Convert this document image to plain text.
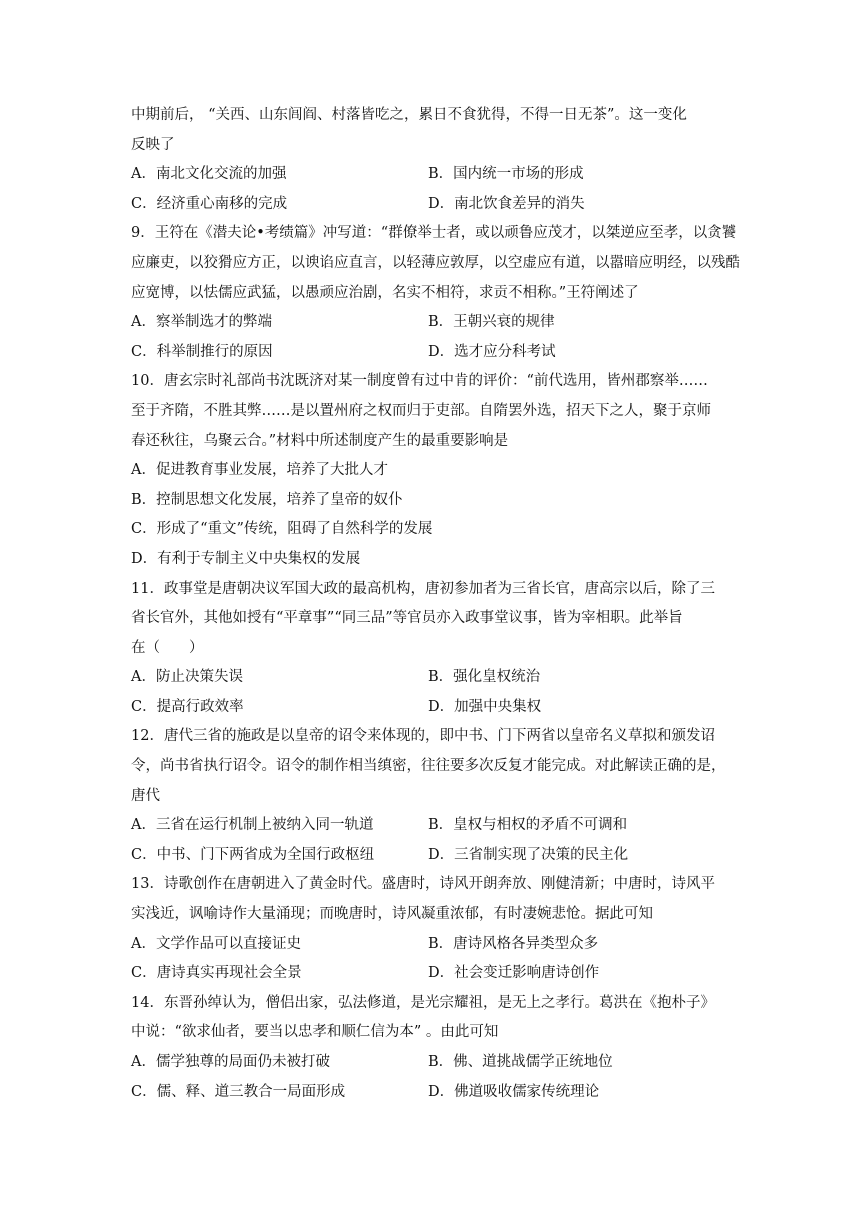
中期前后， “关西、山东闾阎、村落皆吃之，累日不食犹得，不得一日无茶”。这一变化
反映了
A．南北文化交流的加强	B．国内统一市场的形成
C．经济重心南移的完成	D．南北饮食差异的消失
9．王符在《潜夫论•考绩篇》冲写道：“群僚举士者，或以顽鲁应茂才，以桀逆应至孝，以贪饕
应廉吏，以狡猾应方正，以谀谄应直言，以轻薄应敦厚，以空虚应有道，以嚣暗应明经，以残酷
应宽博，以怯儒应武猛，以愚顽应治剧，名实不相符，求贡不相称。”王符阐述了
A．察举制选才的弊端	B．王朝兴衰的规律
C．科举制推行的原因	D．选才应分科考试
10．唐玄宗时礼部尚书沈既济对某一制度曾有过中肯的评价：“前代选用，皆州郡察举……
至于齐隋，不胜其弊……是以置州府之权而归于吏部。自隋罢外选，招天下之人，聚于京师
春还秋往，乌聚云合。”材料中所述制度产生的最重要影响是
A．促进教育事业发展，培养了大批人才
B．控制思想文化发展，培养了皇帝的奴仆
C．形成了“重文”传统，阻碍了自然科学的发展
D．有利于专制主义中央集权的发展
11．政事堂是唐朝决议军国大政的最高机构，唐初参加者为三省长官，唐高宗以后，除了三
省长官外，其他如授有“平章事”“同三品”等官员亦入政事堂议事，皆为宰相职。此举旨
在（　　）
A．防止决策失误	B．强化皇权统治
C．提高行政效率	D．加强中央集权
12．唐代三省的施政是以皇帝的诏令来体现的，即中书、门下两省以皇帝名义草拟和颁发诏
令，尚书省执行诏令。诏令的制作相当缜密，往往要多次反复才能完成。对此解读正确的是，
唐代
A．三省在运行机制上被纳入同一轨道	B．皇权与相权的矛盾不可调和
C．中书、门下两省成为全国行政枢纽	D．三省制实现了决策的民主化
13．诗歌创作在唐朝进入了黄金时代。盛唐时，诗风开朗奔放、刚健清新；中唐时，诗风平
实浅近，讽喻诗作大量涌现；而晚唐时，诗风凝重浓郁，有时凄婉悲怆。据此可知
A．文学作品可以直接证史	B．唐诗风格各异类型众多
C．唐诗真实再现社会全景	D．社会变迁影响唐诗创作
14．东晋孙绰认为，僧侣出家，弘法修道，是光宗耀祖，是无上之孝行。葛洪在《抱朴子》
中说：“欲求仙者，要当以忠孝和顺仁信为本” 。由此可知
A．儒学独尊的局面仍未被打破	B．佛、道挑战儒学正统地位
C．儒、释、道三教合一局面形成	D．佛道吸收儒家传统理论
